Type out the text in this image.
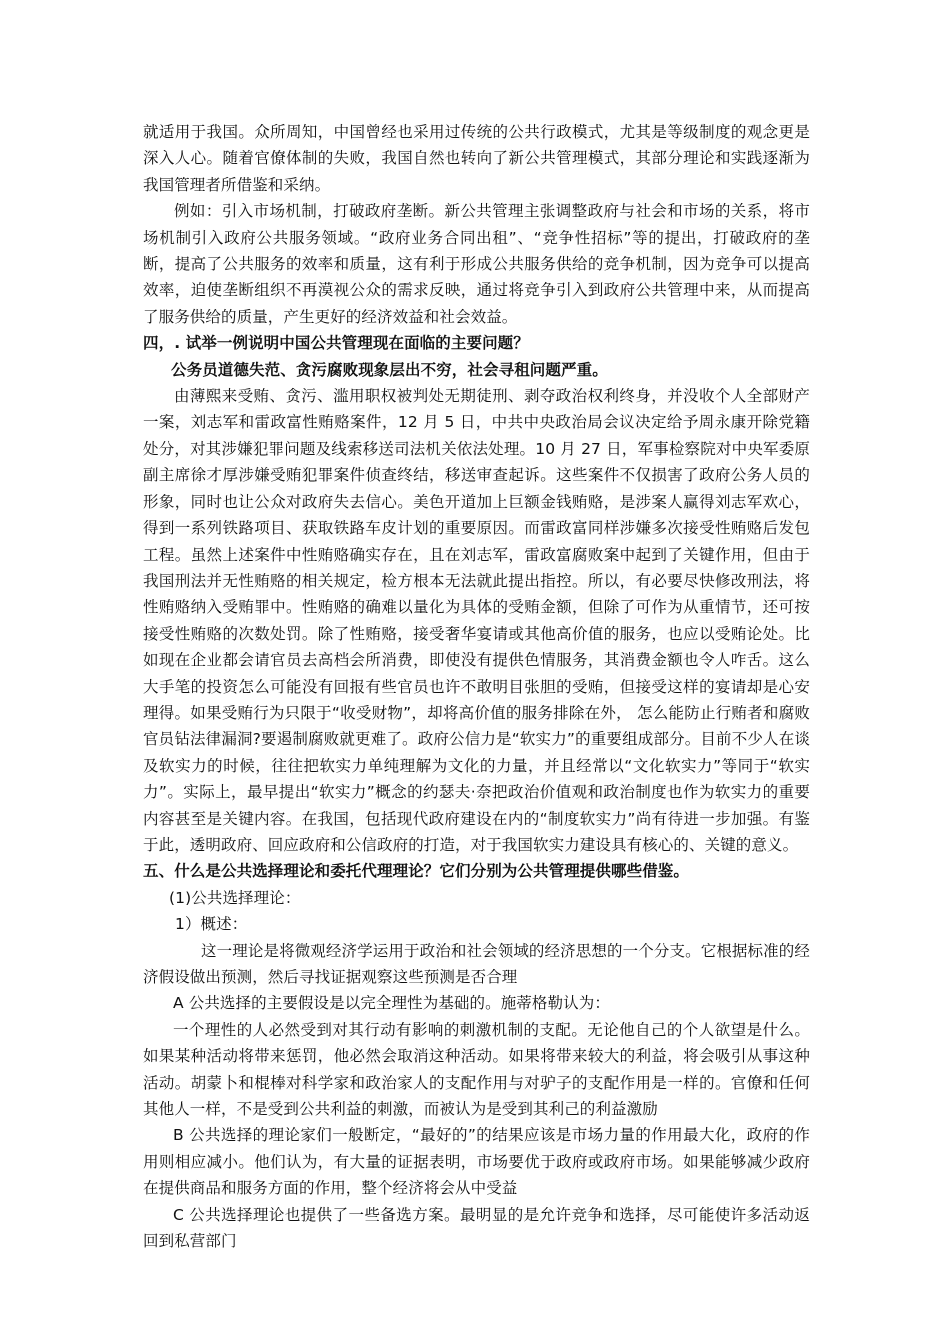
就适用于我国。众所周知，中国曾经也采用过传统的公共行政模式，尤其是等级制度的观念更是深入人心。随着官僚体制的失败，我国自然也转向了新公共管理模式，其部分理论和实践逐渐为我国管理者所借鉴和采纳。

例如：引入市场机制，打破政府垄断。新公共管理主张调整政府与社会和市场的关系，将市场机制引入政府公共服务领域。“政府业务合同出租”、“竞争性招标”等的提出，打破政府的垄断，提高了公共服务的效率和质量，这有利于形成公共服务供给的竞争机制，因为竞争可以提高效率，迫使垄断组织不再漠视公众的需求反映，通过将竞争引入到政府公共管理中来，从而提高了服务供给的质量，产生更好的经济效益和社会效益。

四，. 试举一例说明中国公共管理现在面临的主要问题？

公务员道德失范、贪污腐败现象层出不穷，社会寻租问题严重。

由薄熙来受贿、贪污、滥用职权被判处无期徒刑、剥夺政治权利终身，并没收个人全部财产一案，刘志军和雷政富性贿赂案件，12 月 5 日，中共中央政治局会议决定给予周永康开除党籍处分，对其涉嫌犯罪问题及线索移送司法机关依法处理。10 月 27 日，军事检察院对中央军委原副主席徐才厚涉嫌受贿犯罪案件侦查终结，移送审查起诉。这些案件不仅损害了政府公务人员的形象，同时也让公众对政府失去信心。美色开道加上巨额金钱贿赂，是涉案人赢得刘志军欢心，得到一系列铁路项目、获取铁路车皮计划的重要原因。而雷政富同样涉嫌多次接受性贿赂后发包工程。虽然上述案件中性贿赂确实存在，且在刘志军，雷政富腐败案中起到了关键作用，但由于我国刑法并无性贿赂的相关规定，检方根本无法就此提出指控。所以，有必要尽快修改刑法，将性贿赂纳入受贿罪中。性贿赂的确难以量化为具体的受贿金额，但除了可作为从重情节，还可按接受性贿赂的次数处罚。除了性贿赂，接受奢华宴请或其他高价值的服务，也应以受贿论处。比如现在企业都会请官员去高档会所消费，即使没有提供色情服务，其消费金额也令人咋舌。这么大手笔的投资怎么可能没有回报有些官员也许不敢明目张胆的受贿，但接受这样的宴请却是心安理得。如果受贿行为只限于“收受财物”，却将高价值的服务排除在外， 怎么能防止行贿者和腐败官员钻法律漏洞?要遏制腐败就更难了。政府公信力是“软实力”的重要组成部分。目前不少人在谈及软实力的时候，往往把软实力单纯理解为文化的力量，并且经常以“文化软实力”等同于“软实力”。实际上，最早提出“软实力”概念的约瑟夫·奈把政治价值观和政治制度也作为软实力的重要内容甚至是关键内容。在我国，包括现代政府建设在内的“制度软实力”尚有待进一步加强。有鉴于此，透明政府、回应政府和公信政府的打造，对于我国软实力建设具有核心的、关键的意义。

五、什么是公共选择理论和委托代理理论？它们分别为公共管理提供哪些借鉴。

(1)公共选择理论：

1）概述：

这一理论是将微观经济学运用于政治和社会领域的经济思想的一个分支。它根据标准的经济假设做出预测，然后寻找证据观察这些预测是否合理

A 公共选择的主要假设是以完全理性为基础的。施蒂格勒认为：

一个理性的人必然受到对其行动有影响的刺激机制的支配。无论他自己的个人欲望是什么。如果某种活动将带来惩罚，他必然会取消这种活动。如果将带来较大的利益，将会吸引从事这种活动。胡蒙卜和棍棒对科学家和政治家人的支配作用与对驴子的支配作用是一样的。官僚和任何其他人一样，不是受到公共利益的刺激，而被认为是受到其利己的利益激励

B 公共选择的理论家们一般断定，“最好的”的结果应该是市场力量的作用最大化，政府的作用则相应减小。他们认为，有大量的证据表明，市场要优于政府或政府市场。如果能够减少政府在提供商品和服务方面的作用，整个经济将会从中受益

C 公共选择理论也提供了一些备选方案。最明显的是允许竞争和选择，尽可能使许多活动返回到私营部门
